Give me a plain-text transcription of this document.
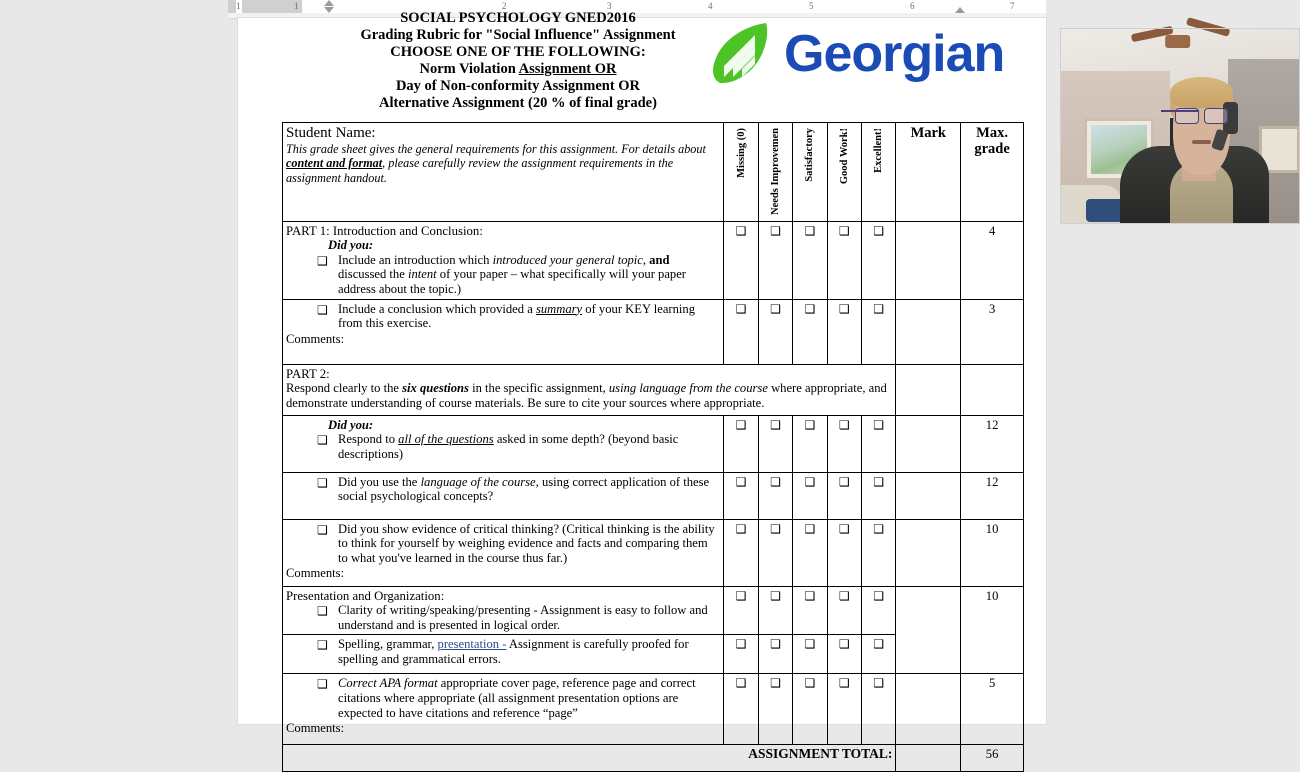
1	1	2	3	4	5	6	7
SOCIAL PSYCHOLOGY GNED2016
Grading Rubric for "Social Influence" Assignment
CHOOSE ONE OF THE FOLLOWING:
Norm Violation Assignment OR
Day of Non-conformity Assignment OR
Alternative Assignment (20 % of final grade)
Georgian
Student Name:
This grade sheet gives the general requirements for this assignment. For details about content and format, please carefully review the assignment requirements in the assignment handout.	Missing (0)	Needs Improvemen	Satisfactory	Good Work!	Excellent!	Mark	Max. grade

PART 1: Introduction and Conclusion:
Did you:
❑ Include an introduction which introduced your general topic, and discussed the intent of your paper – what specifically will your paper address about the topic.)	❑	❑	❑	❑	❑		4

❑ Include a conclusion which provided a summary of your KEY learning from this exercise.
Comments:	❑	❑	❑	❑	❑		3

PART 2:
Respond clearly to the six questions in the specific assignment, using language from the course where appropriate, and demonstrate understanding of course materials. Be sure to cite your sources where appropriate.							

Did you:
❑ Respond to all of the questions asked in some depth? (beyond basic descriptions)	❑	❑	❑	❑	❑		12

❑ Did you use the language of the course, using correct application of these social psychological concepts?	❑	❑	❑	❑	❑		12

❑ Did you show evidence of critical thinking? (Critical thinking is the ability to think for yourself by weighing evidence and facts and comparing them to what you've learned in the course thus far.)
Comments:	❑	❑	❑	❑	❑		10

Presentation and Organization:
❑ Clarity of writing/speaking/presenting - Assignment is easy to follow and understand and is presented in logical order.	❑	❑	❑	❑	❑		10

❑ Spelling, grammar, presentation - Assignment is carefully proofed for spelling and grammatical errors.	❑	❑	❑	❑	❑		

❑ Correct APA format appropriate cover page, reference page and correct citations where appropriate (all assignment presentation options are expected to have citations and reference “page”
Comments:	❑	❑	❑	❑	❑		5
ASSIGNMENT TOTAL:							56
